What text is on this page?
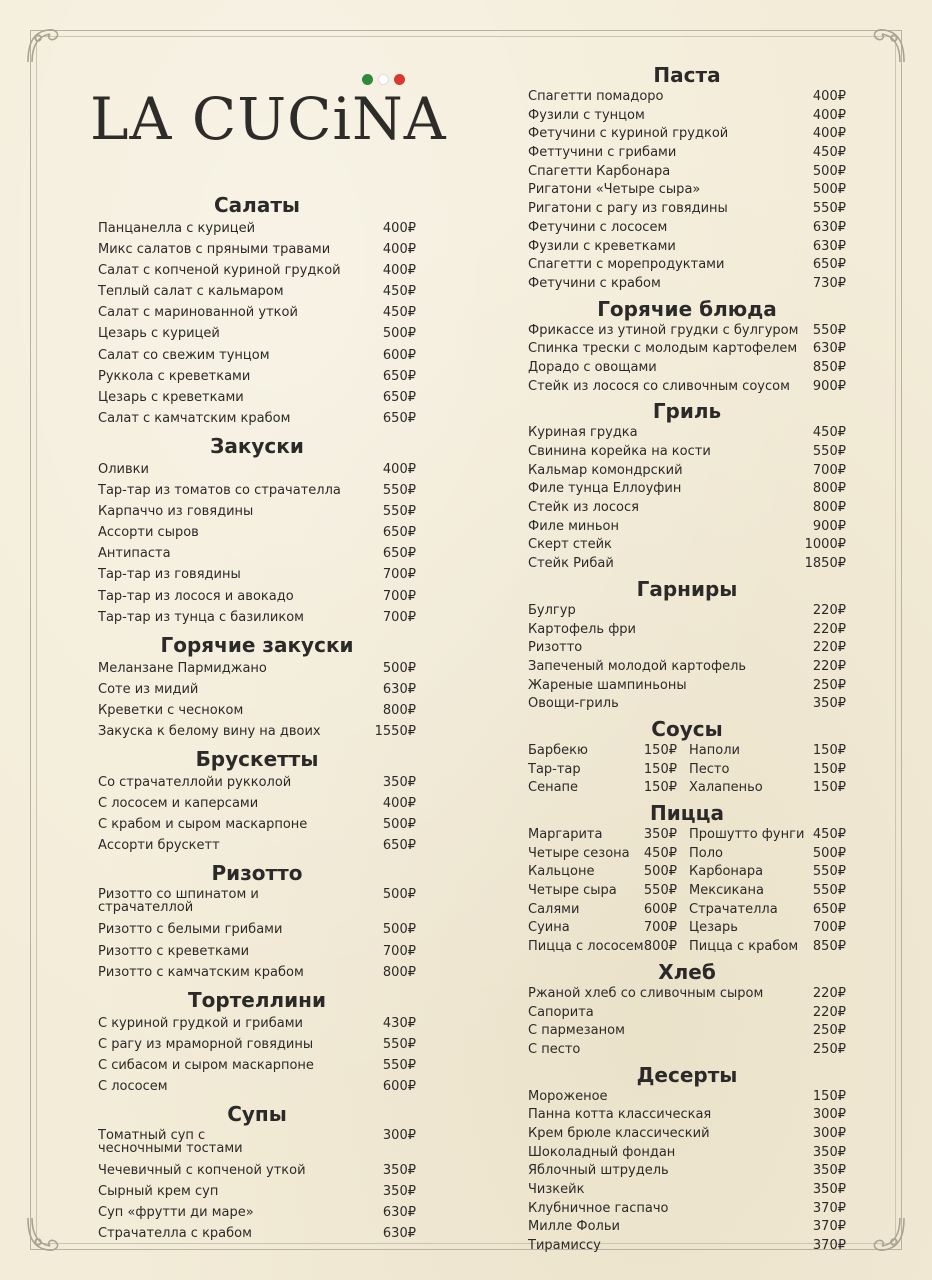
LA CUCiNA
Салаты
Панцанелла с курицей	400₽
Микс салатов с пряными травами	400₽
Салат с копченой куриной грудкой	400₽
Теплый салат с кальмаром	450₽
Салат с маринованной уткой	450₽
Цезарь с курицей	500₽
Салат со свежим тунцом	600₽
Руккола с креветками	650₽
Цезарь с креветками	650₽
Салат с камчатским крабом	650₽
Закуски
Оливки	400₽
Тар-тар из томатов со страчателла	550₽
Карпаччо из говядины	550₽
Ассорти сыров	650₽
Антипаста	650₽
Тар-тар из говядины	700₽
Тар-тар из лосося и авокадо	700₽
Тар-тар из тунца с базиликом	700₽
Горячие закуски
Меланзане Пармиджано	500₽
Соте из мидий	630₽
Креветки с чесноком	800₽
Закуска к белому вину на двоих	1550₽
Брускетты
Со страчателлойи рукколой	350₽
С лососем и каперсами	400₽
С крабом и сыром маскарпоне	500₽
Ассорти брускетт	650₽
Ризотто
Ризотто со шпинатом и страчателлой
500₽
Ризотто с белыми грибами	500₽
Ризотто с креветками	700₽
Ризотто с камчатским крабом	800₽
Тортеллини
С куриной грудкой и грибами	430₽
С рагу из мраморной говядины	550₽
С сибасом и сыром маскарпоне	550₽
С лососем	600₽
Супы
Томатный суп с чесночными тостами
300₽
Чечевичный с копченой уткой	350₽
Сырный крем суп	350₽
Суп «фрутти ди маре»	630₽
Страчателла с крабом	630₽
Паста
Спагетти помадоро	400₽
Фузили с тунцом	400₽
Фетучини с куриной грудкой	400₽
Феттучини с грибами	450₽
Спагетти Карбонара	500₽
Ригатони «Четыре сыра»	500₽
Ригатони с рагу из говядины	550₽
Фетучини с лососем	630₽
Фузили с креветками	630₽
Спагетти с морепродуктами	650₽
Фетучини с крабом	730₽
Горячие блюда
Фрикассе из утиной грудки с булгуром	550₽
Спинка трески с молодым картофелем	630₽
Дорадо с овощами	850₽
Стейк из лосося со сливочным соусом	900₽
Гриль
Куриная грудка	450₽
Свинина корейка на кости	550₽
Кальмар комондрский	700₽
Филе тунца Еллоуфин	800₽
Стейк из лосося	800₽
Филе миньон	900₽
Скерт стейк	1000₽
Стейк Рибай	1850₽
Гарниры
Булгур	220₽
Картофель фри	220₽
Ризотто	220₽
Запеченый молодой картофель	220₽
Жареные шампиньоны	250₽
Овощи-гриль	350₽
Соусы
Барбекю	150₽ Наполи	150₽
Тар-тар	150₽ Песто	150₽
Сенапе	150₽ Халапеньо	150₽
Пицца
Маргарита	350₽ Прошутто фунги 450₽
Четыре сезона 450₽ Поло	500₽
Кальцоне	500₽ Карбонара	550₽
Четыре сыра 550₽ Мексикана	550₽
Салями	600₽ Страчателла	650₽
Суина	700₽ Цезарь	700₽
Пицца с лососем 800₽ Пицца с крабом 850₽
Хлеб
Ржаной хлеб со сливочным сыром	220₽
Сапорита	220₽
С пармезаном	250₽
С песто	250₽
Десерты
Мороженое	150₽
Панна котта классическая	300₽
Крем брюле классический	300₽
Шоколадный фондан	350₽
Яблочный штрудель	350₽
Чизкейк	350₽
Клубничное гаспачо	370₽
Милле Фольи	370₽
Тирамиссу	370₽
